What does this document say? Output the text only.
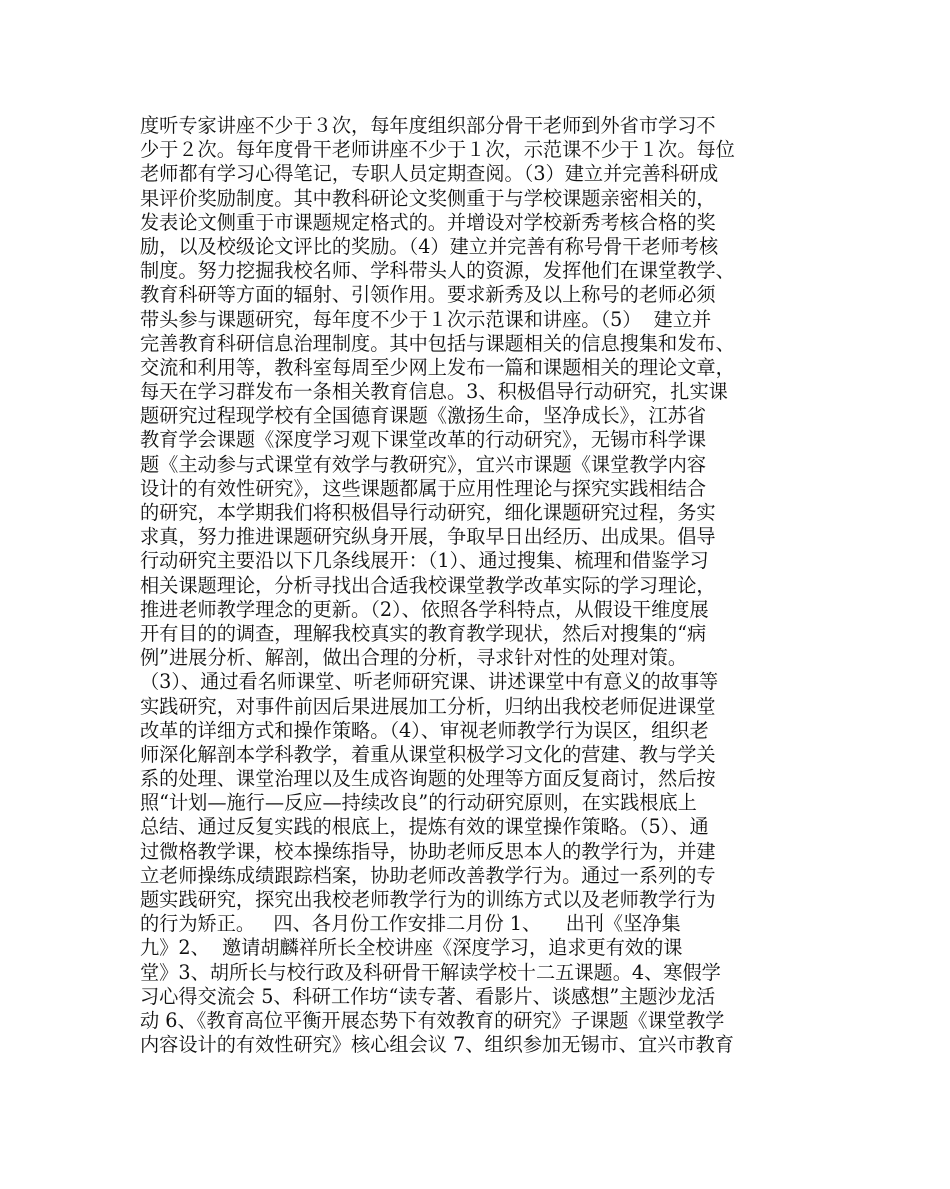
度听专家讲座不少于３次，每年度组织部分骨干老师到外省市学习不
少于２次。每年度骨干老师讲座不少于１次，示范课不少于１次。每位
老师都有学习心得笔记，专职人员定期查阅。（3）建立并完善科研成
果评价奖励制度。其中教科研论文奖侧重于与学校课题亲密相关的，
发表论文侧重于市课题规定格式的。并增设对学校新秀考核合格的奖
励，以及校级论文评比的奖励。（4）建立并完善有称号骨干老师考核
制度。努力挖掘我校名师、学科带头人的资源，发挥他们在课堂教学、
教育科研等方面的辐射、引领作用。要求新秀及以上称号的老师必须
带头参与课题研究，每年度不少于１次示范课和讲座。（5）  建立并
完善教育科研信息治理制度。其中包括与课题相关的信息搜集和发布、
交流和利用等，教科室每周至少网上发布一篇和课题相关的理论文章，
每天在学习群发布一条相关教育信息。3、积极倡导行动研究，扎实课
题研究过程现学校有全国德育课题《激扬生命，坚净成长》，江苏省
教育学会课题《深度学习观下课堂改革的行动研究》，无锡市科学课
题《主动参与式课堂有效学与教研究》，宜兴市课题《课堂教学内容
设计的有效性研究》，这些课题都属于应用性理论与探究实践相结合
的研究，本学期我们将积极倡导行动研究，细化课题研究过程，务实
求真，努力推进课题研究纵身开展，争取早日出经历、出成果。倡导
行动研究主要沿以下几条线展开：（1）、通过搜集、梳理和借鉴学习
相关课题理论，分析寻找出合适我校课堂教学改革实际的学习理论，
推进老师教学理念的更新。（2）、依照各学科特点，从假设干维度展
开有目的的调查，理解我校真实的教育教学现状，然后对搜集的“病
例”进展分析、解剖，做出合理的分析，寻求针对性的处理对策。
（3）、通过看名师课堂、听老师研究课、讲述课堂中有意义的故事等
实践研究，对事件前因后果进展加工分析，归纳出我校老师促进课堂
改革的详细方式和操作策略。（4）、审视老师教学行为误区，组织老
师深化解剖本学科教学，着重从课堂积极学习文化的营建、教与学关
系的处理、课堂治理以及生成咨询题的处理等方面反复商讨，然后按
照“计划—施行—反应—持续改良”的行动研究原则，在实践根底上
总结、通过反复实践的根底上，提炼有效的课堂操作策略。（5）、通
过微格教学课，校本操练指导，协助老师反思本人的教学行为，并建
立老师操练成绩跟踪档案，协助老师改善教学行为。通过一系列的专
题实践研究，探究出我校老师教学行为的训练方式以及老师教学行为
的行为矫正。   四、各月份工作安排二月份 1、    出刊《坚净集
九》2、  邀请胡麟祥所长全校讲座《深度学习，追求更有效的课
堂》3、胡所长与校行政及科研骨干解读学校十二五课题。4、寒假学
习心得交流会 5、科研工作坊“读专著、看影片、谈感想”主题沙龙活
动 6、《教育高位平衡开展态势下有效教育的研究》子课题《课堂教学
内容设计的有效性研究》核心组会议 7、组织参加无锡市、宜兴市教育
